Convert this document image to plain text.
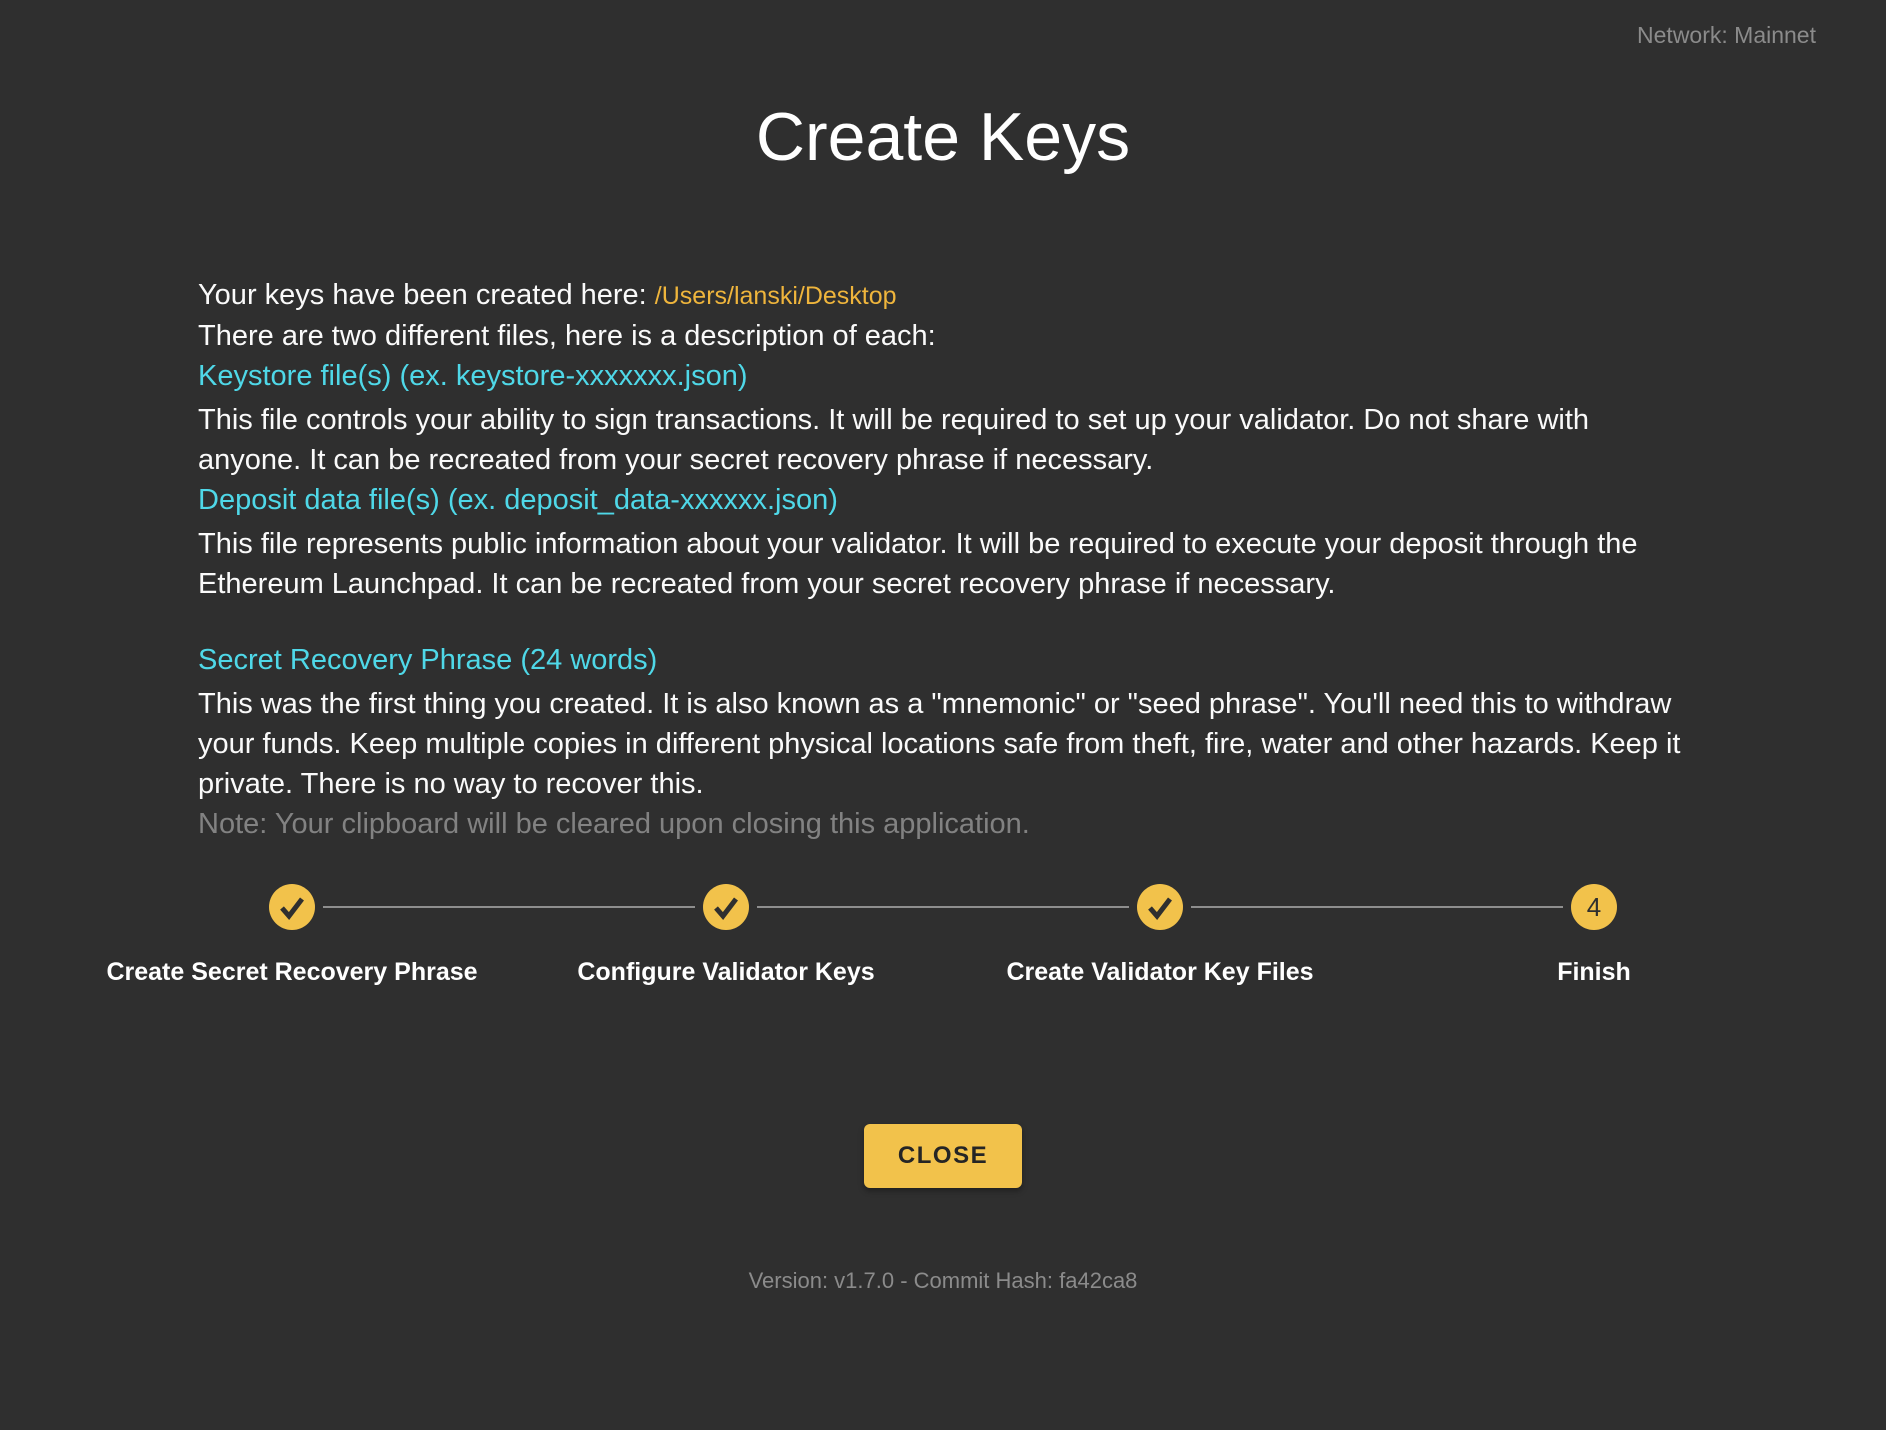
Network: Mainnet
Create Keys

Your keys have been created here: /Users/lanski/Desktop

There are two different files, here is a description of each:

Keystore file(s) (ex. keystore-xxxxxxx.json)

This file controls your ability to sign transactions. It will be required to set up your validator. Do not share with anyone. It can be recreated from your secret recovery phrase if necessary.

Deposit data file(s) (ex. deposit_data-xxxxxx.json)

This file represents public information about your validator. It will be required to execute your deposit through the Ethereum Launchpad. It can be recreated from your secret recovery phrase if necessary.

Secret Recovery Phrase (24 words)

This was the first thing you created. It is also known as a "mnemonic" or "seed phrase". You'll need this to withdraw your funds. Keep multiple copies in different physical locations safe from theft, fire, water and other hazards. Keep it private. There is no way to recover this.

Note: Your clipboard will be cleared upon closing this application.

Create Secret Recovery Phrase	Configure Validator Keys	Create Validator Key Files
4
Finish
CLOSE
Version: v1.7.0 - Commit Hash: fa42ca8
